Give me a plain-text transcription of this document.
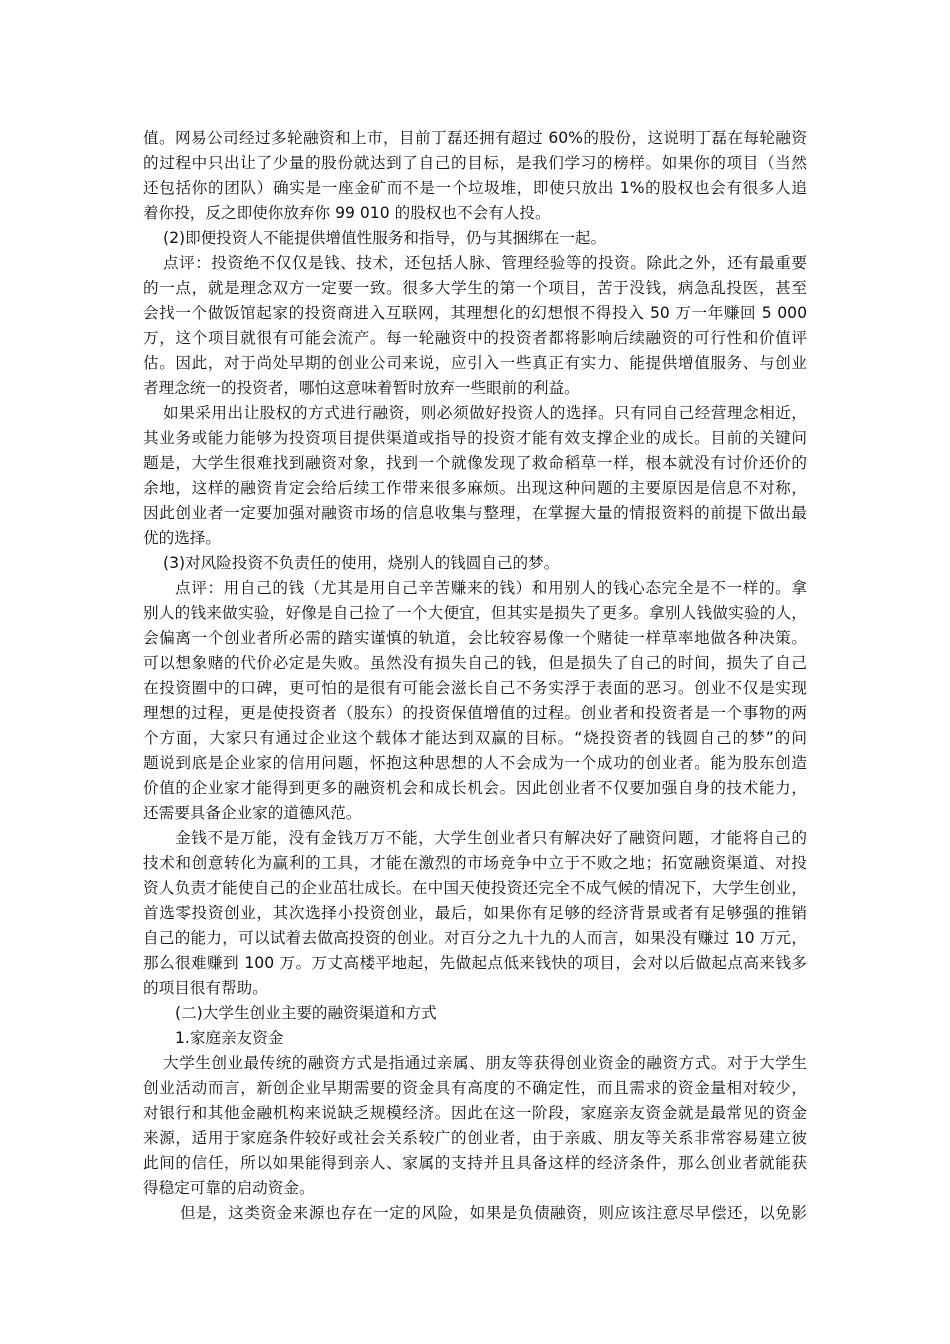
值。网易公司经过多轮融资和上市，目前丁磊还拥有超过 60%的股份，这说明丁磊在每轮融资
的过程中只出让了少量的股份就达到了自己的目标，是我们学习的榜样。如果你的项目（当然
还包括你的团队）确实是一座金矿而不是一个垃圾堆，即使只放出 1%的股权也会有很多人追
着你投，反之即使你放弃你 99 010 的股权也不会有人投。
(2)即便投资人不能提供增值性服务和指导，仍与其捆绑在一起。
点评：投资绝不仅仅是钱、技术，还包括人脉、管理经验等的投资。除此之外，还有最重要
的一点，就是理念双方一定要一致。很多大学生的第一个项目，苦于没钱，病急乱投医，甚至
会找一个做饭馆起家的投资商进入互联网，其理想化的幻想恨不得投入 50 万一年赚回 5 000
万，这个项目就很有可能会流产。每一轮融资中的投资者都将影响后续融资的可行性和价值评
估。因此，对于尚处早期的创业公司来说，应引入一些真正有实力、能提供增值服务、与创业
者理念统一的投资者，哪怕这意味着暂时放弃一些眼前的利益。
如果采用出让股权的方式进行融资，则必须做好投资人的选择。只有同自己经营理念相近，
其业务或能力能够为投资项目提供渠道或指导的投资才能有效支撑企业的成长。目前的关键问
题是，大学生很难找到融资对象，找到一个就像发现了救命稻草一样，根本就没有讨价还价的
余地，这样的融资肯定会给后续工作带来很多麻烦。出现这种问题的主要原因是信息不对称，
因此创业者一定要加强对融资市场的信息收集与整理，在掌握大量的情报资料的前提下做出最
优的选择。
(3)对风险投资不负责任的使用，烧别人的钱圆自己的梦。
点评：用自己的钱（尤其是用自己辛苦赚来的钱）和用别人的钱心态完全是不一样的。拿
别人的钱来做实验，好像是自己捡了一个大便宜，但其实是损失了更多。拿别人钱做实验的人，
会偏离一个创业者所必需的踏实谨慎的轨道，会比较容易像一个赌徒一样草率地做各种决策。
可以想象赌的代价必定是失败。虽然没有损失自己的钱，但是损失了自己的时间，损失了自己
在投资圈中的口碑，更可怕的是很有可能会滋长自己不务实浮于表面的恶习。创业不仅是实现
理想的过程，更是使投资者（股东）的投资保值增值的过程。创业者和投资者是一个事物的两
个方面，大家只有通过企业这个载体才能达到双赢的目标。“烧投资者的钱圆自己的梦”的问
题说到底是企业家的信用问题，怀抱这种思想的人不会成为一个成功的创业者。能为股东创造
价值的企业家才能得到更多的融资机会和成长机会。因此创业者不仅要加强自身的技术能力，
还需要具备企业家的道德风范。
金钱不是万能，没有金钱万万不能，大学生创业者只有解决好了融资问题，才能将自己的
技术和创意转化为赢利的工具，才能在激烈的市场竞争中立于不败之地；拓宽融资渠道、对投
资人负责才能使自己的企业茁壮成长。在中国天使投资还完全不成气候的情况下，大学生创业，
首选零投资创业，其次选择小投资创业，最后，如果你有足够的经济背景或者有足够强的推销
自己的能力，可以试着去做高投资的创业。对百分之九十九的人而言，如果没有赚过 10 万元，
那么很难赚到 100 万。万丈高楼平地起，先做起点低来钱快的项目，会对以后做起点高来钱多
的项目很有帮助。
(二)大学生创业主要的融资渠道和方式
1.家庭亲友资金
大学生创业最传统的融资方式是指通过亲属、朋友等获得创业资金的融资方式。对于大学生
创业活动而言，新创企业早期需要的资金具有高度的不确定性，而且需求的资金量相对较少，
对银行和其他金融机构来说缺乏规模经济。因此在这一阶段，家庭亲友资金就是最常见的资金
来源，适用于家庭条件较好或社会关系较广的创业者，由于亲戚、朋友等关系非常容易建立彼
此间的信任，所以如果能得到亲人、家属的支持并且具备这样的经济条件，那么创业者就能获
得稳定可靠的启动资金。
但是，这类资金来源也存在一定的风险，如果是负债融资，则应该注意尽早偿还，以免影
